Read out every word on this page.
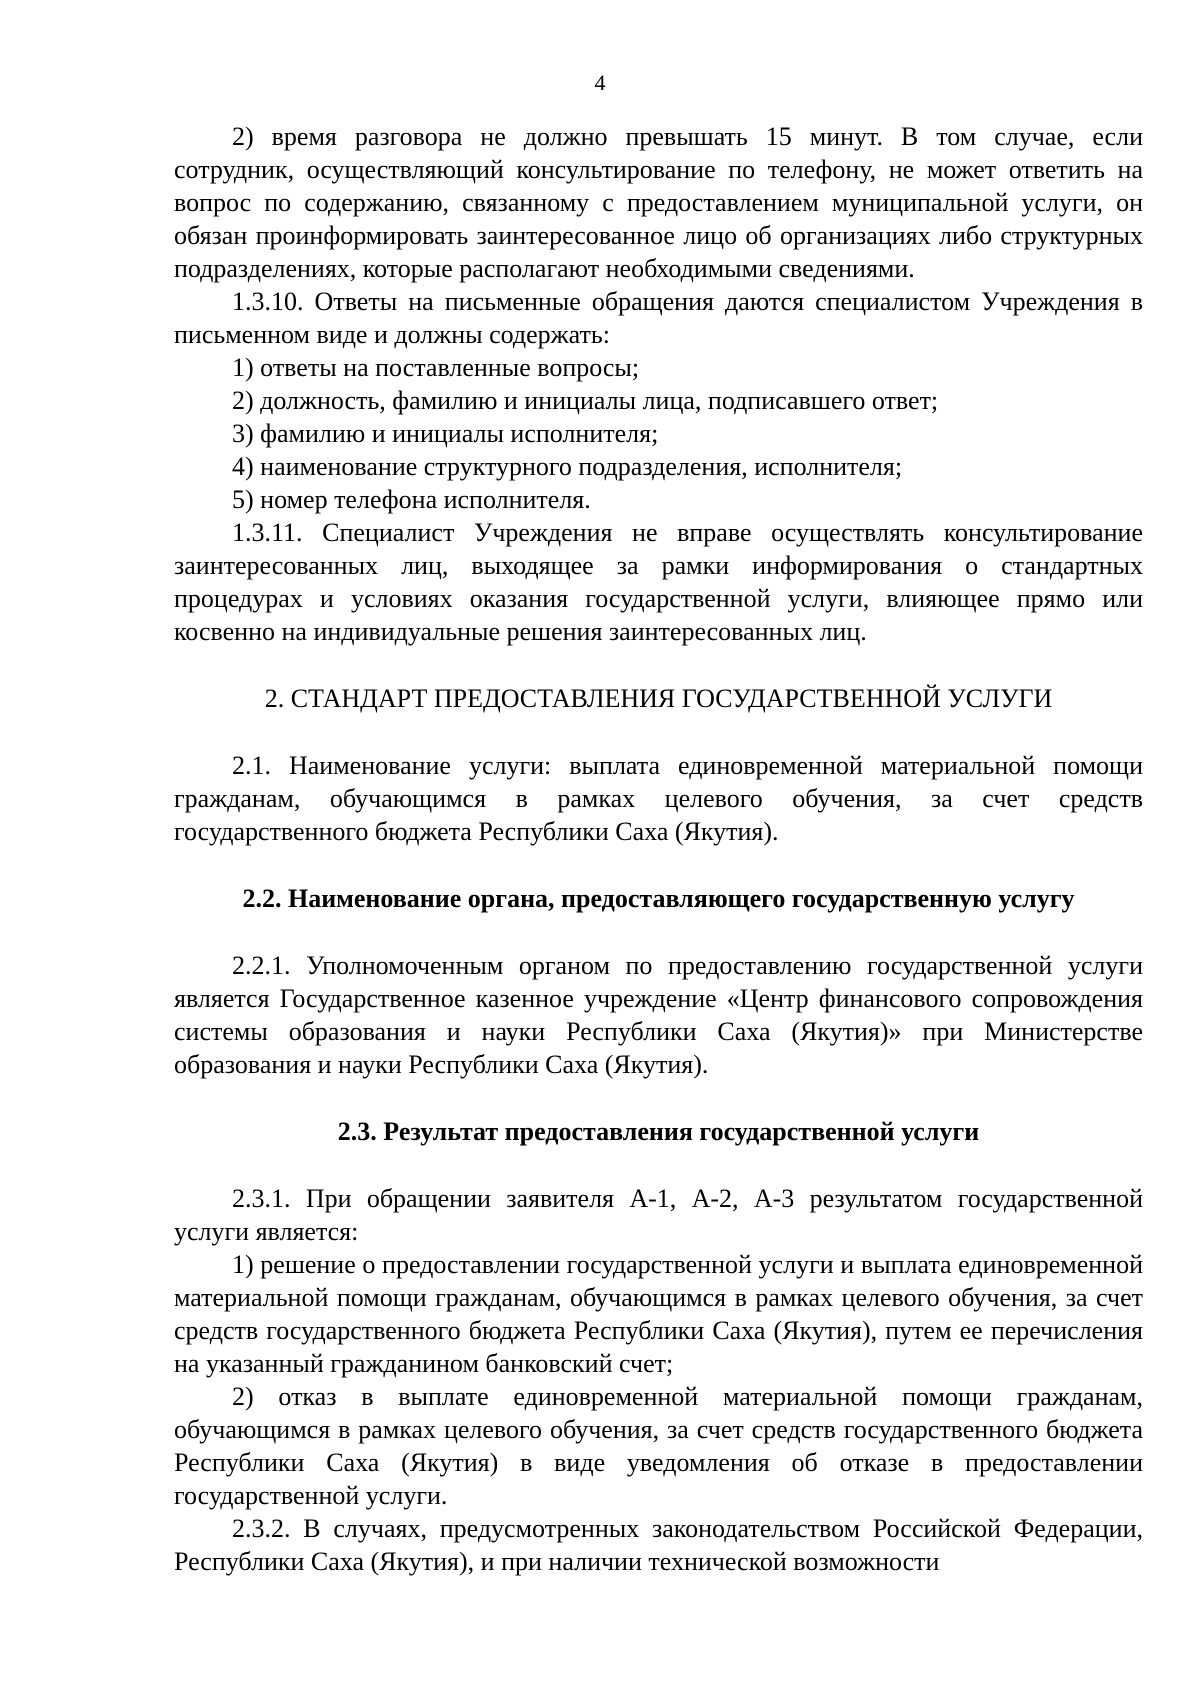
4

2) время разговора не должно превышать 15 минут. В том случае, если сотрудник, осуществляющий консультирование по телефону, не может ответить на вопрос по содержанию, связанному с предоставлением муниципальной услуги, он обязан проинформировать заинтересованное лицо об организациях либо структурных подразделениях, которые располагают необходимыми сведениями.

1.3.10. Ответы на письменные обращения даются специалистом Учреждения в письменном виде и должны содержать:

1) ответы на поставленные вопросы;

2) должность, фамилию и инициалы лица, подписавшего ответ;

3) фамилию и инициалы исполнителя;

4) наименование структурного подразделения, исполнителя;

5) номер телефона исполнителя.

1.3.11. Специалист Учреждения не вправе осуществлять консультирование заинтересованных лиц, выходящее за рамки информирования о стандартных процедурах и условиях оказания государственной услуги, влияющее прямо или косвенно на индивидуальные решения заинтересованных лиц.

2. СТАНДАРТ ПРЕДОСТАВЛЕНИЯ ГОСУДАРСТВЕННОЙ УСЛУГИ

2.1. Наименование услуги: выплата единовременной материальной помощи гражданам, обучающимся в рамках целевого обучения, за счет средств государственного бюджета Республики Саха (Якутия).

2.2. Наименование органа, предоставляющего государственную услугу

2.2.1. Уполномоченным органом по предоставлению государственной услуги является Государственное казенное учреждение «Центр финансового сопровождения системы образования и науки Республики Саха (Якутия)» при Министерстве образования и науки Республики Саха (Якутия).

2.3. Результат предоставления государственной услуги

2.3.1. При обращении заявителя А-1, А-2, А-3 результатом государственной услуги является:

1) решение о предоставлении государственной услуги и выплата единовременной материальной помощи гражданам, обучающимся в рамках целевого обучения, за счет средств государственного бюджета Республики Саха (Якутия), путем ее перечисления на указанный гражданином банковский счет;

2) отказ в выплате единовременной материальной помощи гражданам, обучающимся в рамках целевого обучения, за счет средств государственного бюджета Республики Саха (Якутия) в виде уведомления об отказе в предоставлении государственной услуги.

2.3.2. В случаях, предусмотренных законодательством Российской Федерации, Республики Саха (Якутия), и при наличии технической возможности
